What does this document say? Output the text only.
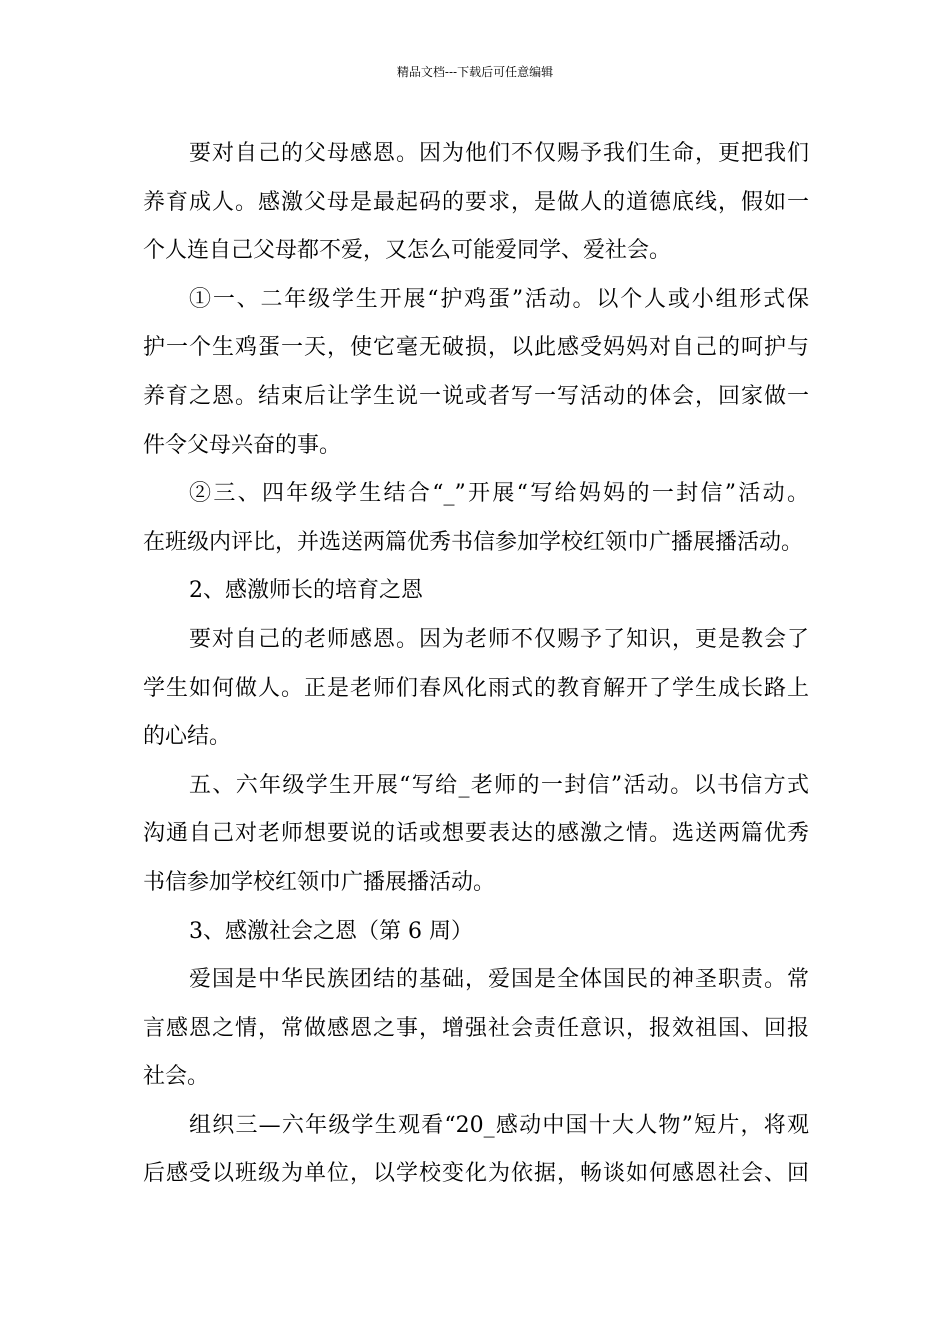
精品文档---下载后可任意编辑
要对自己的父母感恩。因为他们不仅赐予我们生命，更把我们
养育成人。感激父母是最起码的要求，是做人的道德底线，假如一
个人连自己父母都不爱，又怎么可能爱同学、爱社会。
①一、二年级学生开展“护鸡蛋”活动。以个人或小组形式保
护一个生鸡蛋一天，使它毫无破损，以此感受妈妈对自己的呵护与
养育之恩。结束后让学生说一说或者写一写活动的体会，回家做一
件令父母兴奋的事。
②三、四年级学生结合“_”开展“写给妈妈的一封信”活动。
在班级内评比，并选送两篇优秀书信参加学校红领巾广播展播活动。
2、感激师长的培育之恩
要对自己的老师感恩。因为老师不仅赐予了知识，更是教会了
学生如何做人。正是老师们春风化雨式的教育解开了学生成长路上
的心结。
五、六年级学生开展“写给_老师的一封信”活动。以书信方式
沟通自己对老师想要说的话或想要表达的感激之情。选送两篇优秀
书信参加学校红领巾广播展播活动。
3、感激社会之恩（第 6 周）
爱国是中华民族团结的基础，爱国是全体国民的神圣职责。常
言感恩之情，常做感恩之事，增强社会责任意识，报效祖国、回报
社会。
组织三—六年级学生观看“20_感动中国十大人物”短片，将观
后感受以班级为单位，以学校变化为依据，畅谈如何感恩社会、回
